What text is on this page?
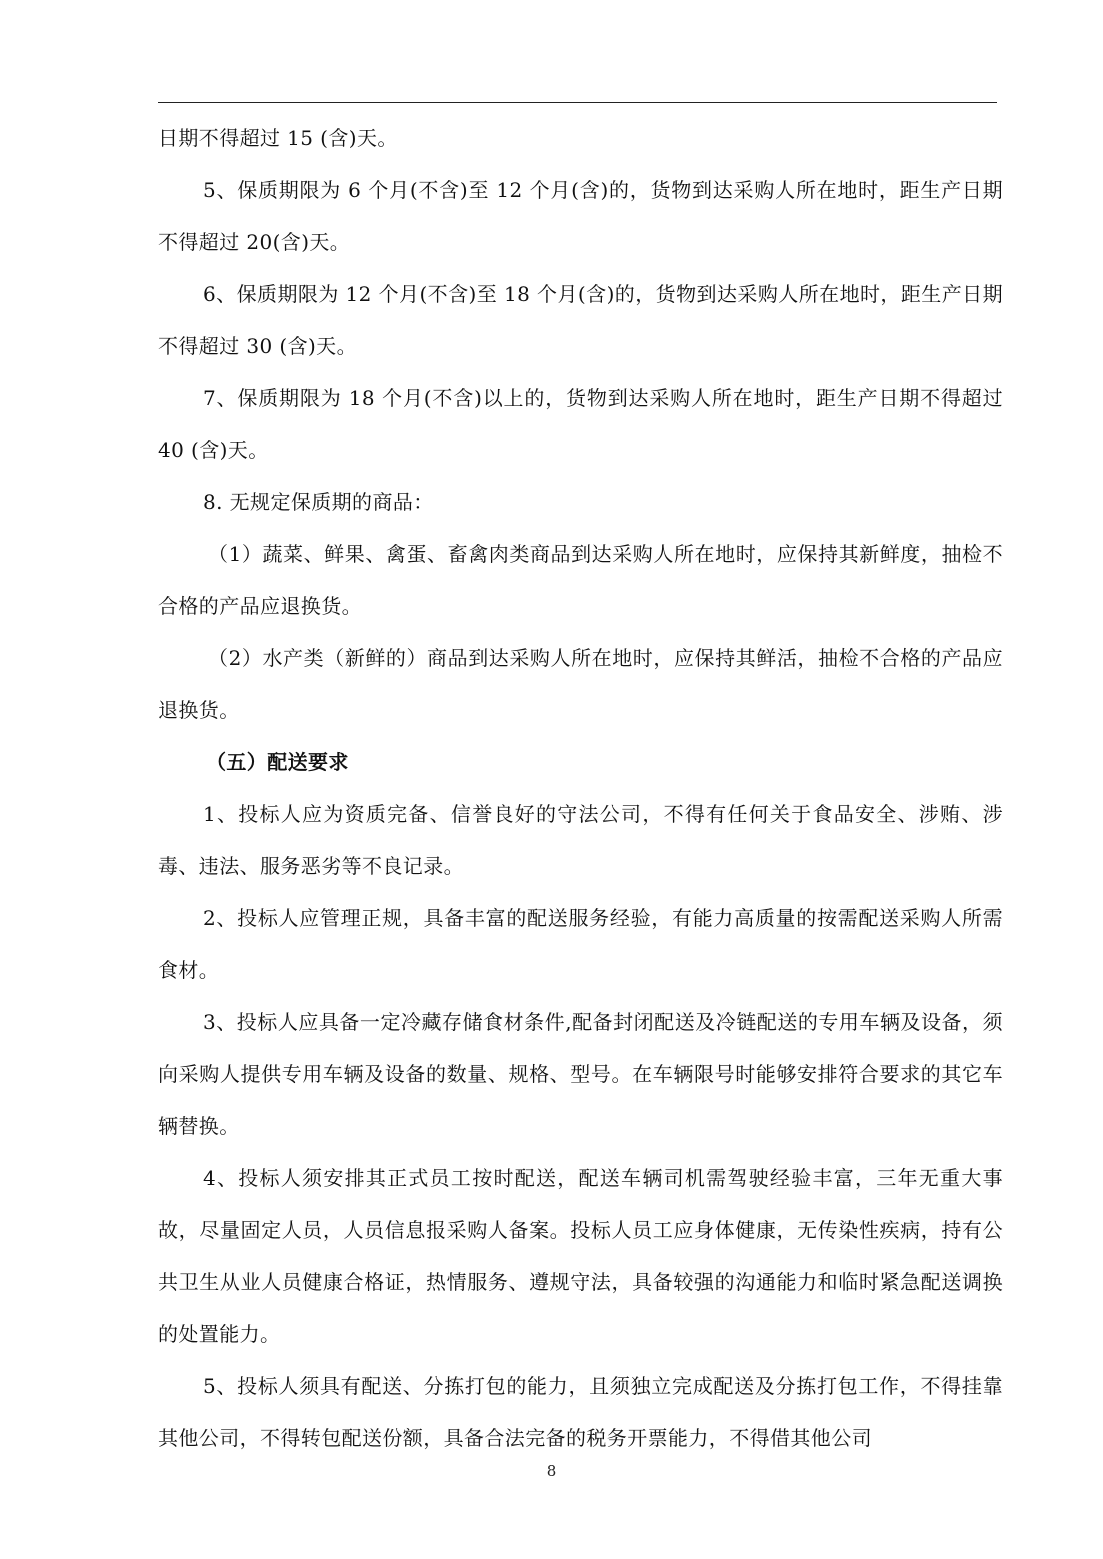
日期不得超过 15 (含)天。

5、保质期限为 6 个月(不含)至 12 个月(含)的，货物到达采购人所在地时，距生产日期不得超过 20(含)天。

6、保质期限为 12 个月(不含)至 18 个月(含)的，货物到达采购人所在地时，距生产日期不得超过 30 (含)天。

7、保质期限为 18 个月(不含)以上的，货物到达采购人所在地时，距生产日期不得超过 40 (含)天。

8. 无规定保质期的商品：

（1）蔬菜、鲜果、禽蛋、畜禽肉类商品到达采购人所在地时，应保持其新鲜度，抽检不合格的产品应退换货。

（2）水产类（新鲜的）商品到达采购人所在地时，应保持其鲜活，抽检不合格的产品应退换货。

（五）配送要求

1、投标人应为资质完备、信誉良好的守法公司，不得有任何关于食品安全、涉贿、涉毒、违法、服务恶劣等不良记录。

2、投标人应管理正规，具备丰富的配送服务经验，有能力高质量的按需配送采购人所需食材。

3、投标人应具备一定冷藏存储食材条件,配备封闭配送及冷链配送的专用车辆及设备，须向采购人提供专用车辆及设备的数量、规格、型号。在车辆限号时能够安排符合要求的其它车辆替换。

4、投标人须安排其正式员工按时配送，配送车辆司机需驾驶经验丰富，三年无重大事故，尽量固定人员，人员信息报采购人备案。投标人员工应身体健康，无传染性疾病，持有公共卫生从业人员健康合格证，热情服务、遵规守法，具备较强的沟通能力和临时紧急配送调换的处置能力。

5、投标人须具有配送、分拣打包的能力，且须独立完成配送及分拣打包工作，不得挂靠其他公司，不得转包配送份额，具备合法完备的税务开票能力，不得借其他公司

8
